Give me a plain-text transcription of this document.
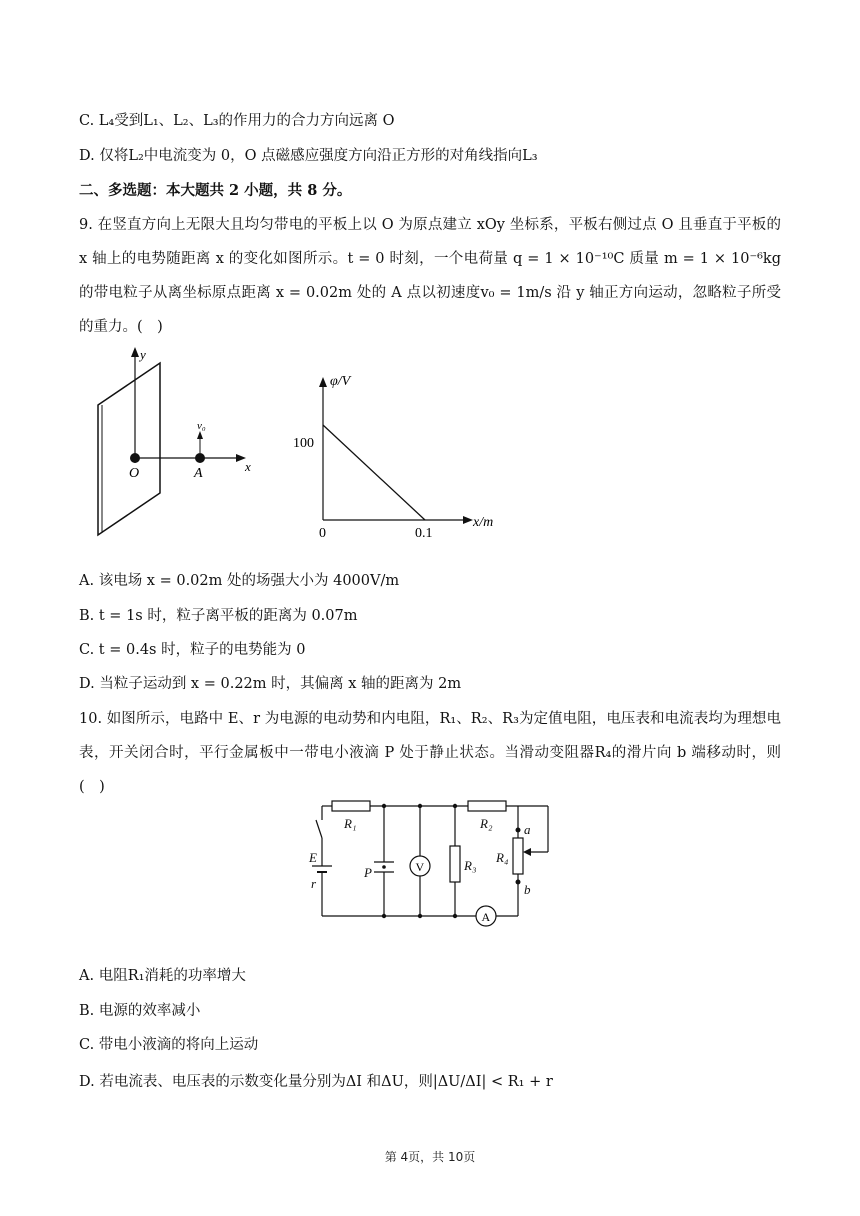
C. L₄受到L₁、L₂、L₃的作用力的合力方向远离 O
D. 仅将L₂中电流变为 0，O 点磁感应强度方向沿正方形的对角线指向L₃
二、多选题：本大题共 2 小题，共 8 分。
9. 在竖直方向上无限大且均匀带电的平板上以 O 为原点建立 xOy 坐标系，平板右侧过点 O 且垂直于平板的 x 轴上的电势随距离 x 的变化如图所示。t = 0 时刻，一个电荷量 q = 1 × 10⁻¹⁰C 质量 m = 1 × 10⁻⁶kg 的带电粒子从离坐标原点距离 x = 0.02m 处的 A 点以初速度v₀ = 1m/s 沿 y 轴正方向运动，忽略粒子所受的重力。(　)
y
x
O	A
v₀
φ/V
x/m
100
0	0.1
A. 该电场 x = 0.02m 处的场强大小为 4000V/m
B. t = 1s 时，粒子离平板的距离为 0.07m
C. t = 0.4s 时，粒子的电势能为 0
D. 当粒子运动到 x = 0.22m 时，其偏离 x 轴的距离为 2m
10. 如图所示，电路中 E、r 为电源的电动势和内电阻，R₁、R₂、R₃为定值电阻，电压表和电流表均为理想电表，开关闭合时，平行金属板中一带电小液滴 P 处于静止状态。当滑动变阻器R₄的滑片向 b 端移动时，则(　)
R₁	R₂
R₃
R₄
E
r
P
a
b
V
A
A. 电阻R₁消耗的功率增大
B. 电源的效率减小
C. 带电小液滴的将向上运动
D. 若电流表、电压表的示数变化量分别为ΔI 和ΔU，则|ΔU/ΔI| < R₁ + r
第 4页，共 10页
